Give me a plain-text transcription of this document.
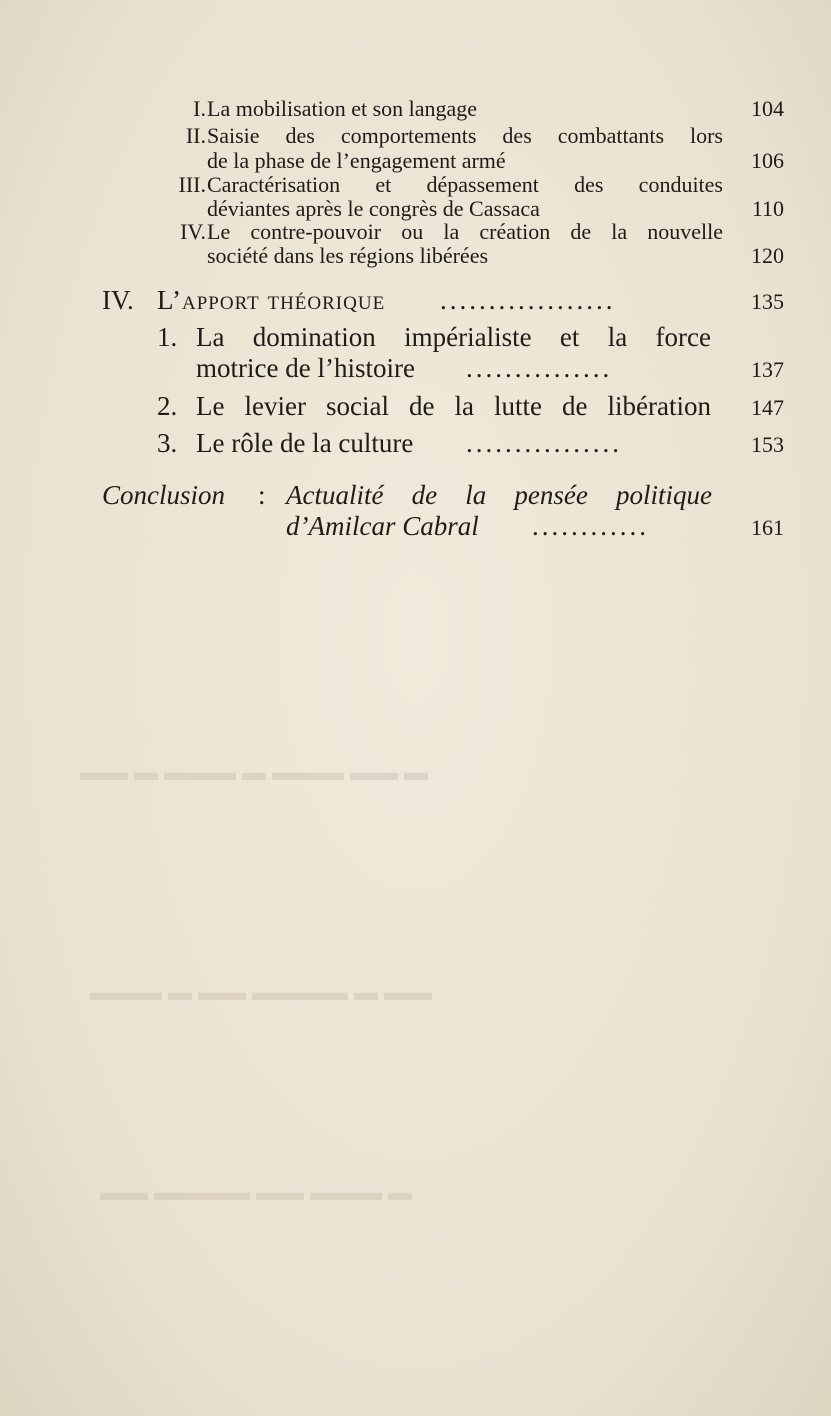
▬ ▬▬ ▬▬▬ ▬ ▬▬▬ ▬ ▬▬
▬▬ ▬ ▬▬▬▬ ▬▬ ▬ ▬▬▬
▬ ▬▬▬ ▬▬ ▬▬▬▬ ▬▬
I. La mobilisation et son langage	104
II. Saisie des comportements des combattants lors
de la phase de l’engagement armé	106
III. Caractérisation et dépassement des conduites
déviantes après le congrès de Cassaca	110
IV. Le contre-pouvoir ou la création de la nouvelle
société dans les régions libérées	120
IV. L’apport théorique ..................	135
1. La domination impérialiste et la force
motrice de l’histoire ...............	137
2. Le levier social de la lutte de libération	147
3. Le rôle de la culture ................	153
Conclusion : Actualité de la pensée politique
d’Amilcar Cabral ............	161
